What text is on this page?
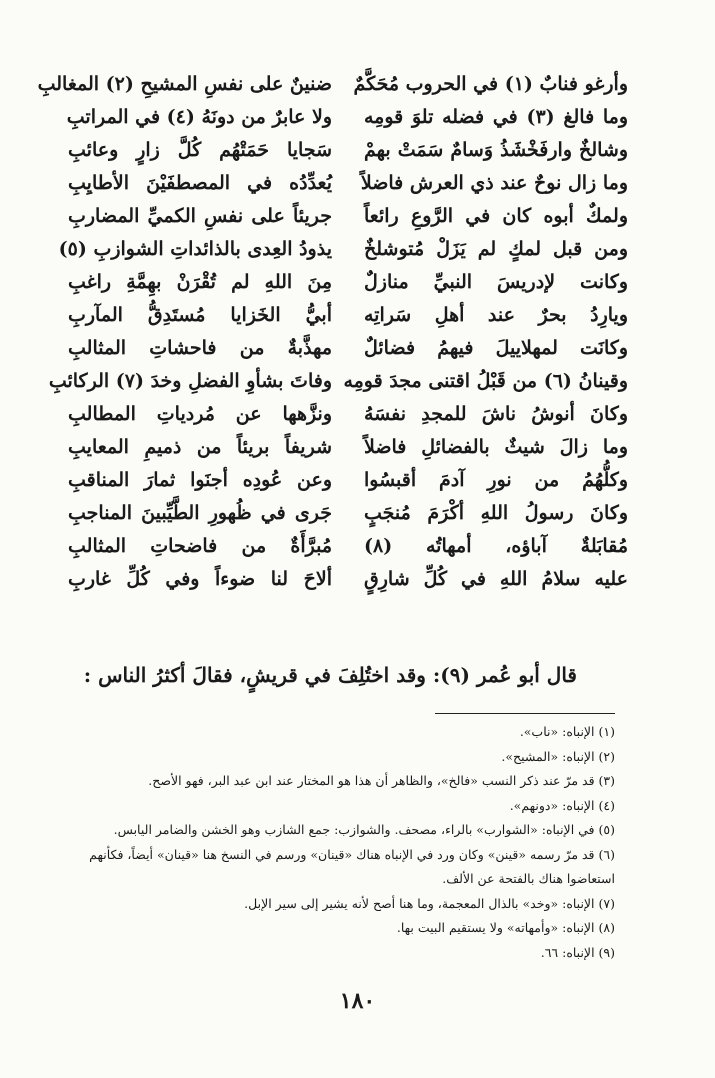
وأرغو فنابٌ (١) في الحروب مُحَكَّمٌ
وما فالغ (٣) في فضله تلوَ قومِه
وشالخٌ وارفَخْشَذُ وَسامٌ سَمَتْ بهمْ
وما زال نوحٌ عند ذي العرش فاضلاً
ولمكٌ أبوه كان في الرَّوعِ رائعاً
ومن قبل لمكٍ لم يَزَلْ مُتوشلخٌ
وكانت لإدريسَ النبيِّ منازلٌ
ويارِدُ بحرٌ عند أهلِ سَراتِه
وكانَت لمهلاييلَ فيهمُ فضائلٌ
وقينانُ (٦) من قَبْلُ اقتنى مجدَ قومِه
وكانَ أنوشُ ناشَ للمجدِ نفسَهُ
وما زالَ شيثٌ بالفضائلِ فاضلاً
وكلُّهُمُ من نورِ آدمَ أقبسُوا
وكانَ رسولُ اللهِ أكْرَمَ مُنجَبٍ
مُقابَلةٌ آباؤه، أمهاتُه (٨)
عليه سلامُ اللهِ في كُلِّ شارِقٍ
ضنينٌ على نفسِ المشيحِ (٢) المغالبِ
ولا عابرٌ من دونَهُ (٤) في المراتبِ
سَجايا حَمَتْهُم كُلَّ زارٍ وعائبِ
يُعدِّدُه في المصطفَيْنَ الأطايِبِ
جريئاً على نفسِ الكميِّ المضاربِ
يذودُ العِدى بالذائداتِ الشوازبِ (٥)
مِنَ اللهِ لم تُقْرَنْ بهِمَّةِ راغبِ
أبيُّ الخَزايا مُستَدِقُّ المآربِ
مهذَّبةٌ من فاحشاتِ المثالبِ
وفاتَ بشأوِ الفضلِ وخدَ (٧) الركائبِ
ونزَّهها عن مُردياتِ المطالبِ
شريفاً بريئاً من ذميمِ المعايبِ
وعن عُودِه أجنَوا ثمارَ المناقبِ
جَرى في ظُهورِ الطَّيِّبينَ المناجبِ
مُبرَّأَةٌ من فاضحاتِ المثالبِ
ألاحَ لنا ضوءاً وفي كُلِّ غاربِ
قال أبو عُمر (٩): وقد اختُلِفَ في قريشٍ، فقالَ أكثرُ الناس :
(١) الإنباه: «ناب».
(٢) الإنباه: «المشيح».
(٣) قد مرّ عند ذكر النسب «فالخ»، والظاهر أن هذا هو المختار عند ابن عبد البر، فهو الأصح.
(٤) الإنباه: «دونهم».
(٥) في الإنباه: «الشوارب» بالراء، مصحف. والشوازب: جمع الشازب وهو الخشن والضامر اليابس.
(٦) قد مرّ رسمه «قينن» وكان ورد في الإنباه هناك «قينان» ورسم في النسخ هنا «قينان» أيضاً، فكأنهم استعاضوا هناك بالفتحة عن الألف.
(٧) الإنباه: «وخد» بالذال المعجمة، وما هنا أصح لأنه يشير إلى سير الإبل.
(٨) الإنباه: «وأمهاته» ولا يستقيم البيت بها.
(٩) الإنباه: ٦٦.
١٨٠
